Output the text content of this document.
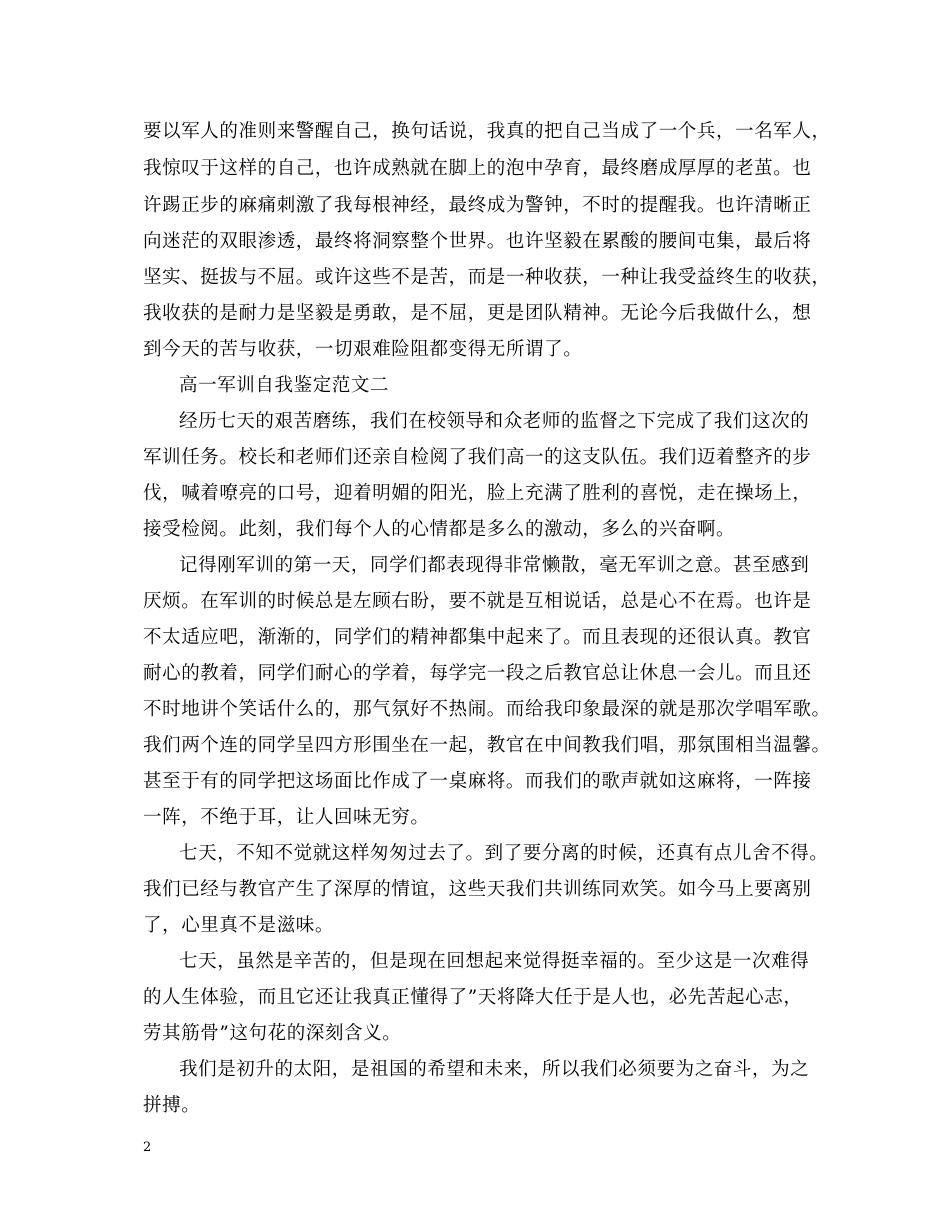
要以军人的准则来警醒自己，换句话说，我真的把自己当成了一个兵，一名军人，
我惊叹于这样的自己，也许成熟就在脚上的泡中孕育，最终磨成厚厚的老茧。也
许踢正步的麻痛刺激了我每根神经，最终成为警钟，不时的提醒我。也许清晰正
向迷茫的双眼渗透，最终将洞察整个世界。也许坚毅在累酸的腰间屯集，最后将
坚实、挺拔与不屈。或许这些不是苦，而是一种收获，一种让我受益终生的收获，
我收获的是耐力是坚毅是勇敢，是不屈，更是团队精神。无论今后我做什么，想
到今天的苦与收获，一切艰难险阻都变得无所谓了。
高一军训自我鉴定范文二
经历七天的艰苦磨练，我们在校领导和众老师的监督之下完成了我们这次的
军训任务。校长和老师们还亲自检阅了我们高一的这支队伍。我们迈着整齐的步
伐，喊着嘹亮的口号，迎着明媚的阳光，脸上充满了胜利的喜悦，走在操场上，
接受检阅。此刻，我们每个人的心情都是多么的激动，多么的兴奋啊。
记得刚军训的第一天，同学们都表现得非常懒散，毫无军训之意。甚至感到
厌烦。在军训的时候总是左顾右盼，要不就是互相说话，总是心不在焉。也许是
不太适应吧，渐渐的，同学们的精神都集中起来了。而且表现的还很认真。教官
耐心的教着，同学们耐心的学着，每学完一段之后教官总让休息一会儿。而且还
不时地讲个笑话什么的，那气氛好不热闹。而给我印象最深的就是那次学唱军歌。
我们两个连的同学呈四方形围坐在一起，教官在中间教我们唱，那氛围相当温馨。
甚至于有的同学把这场面比作成了一桌麻将。而我们的歌声就如这麻将，一阵接
一阵，不绝于耳，让人回味无穷。
七天，不知不觉就这样匆匆过去了。到了要分离的时候，还真有点儿舍不得。
我们已经与教官产生了深厚的情谊，这些天我们共训练同欢笑。如今马上要离别
了，心里真不是滋味。
七天，虽然是辛苦的，但是现在回想起来觉得挺幸福的。至少这是一次难得
的人生体验，而且它还让我真正懂得了”天将降大任于是人也，必先苦起心志，
劳其筋骨”这句花的深刻含义。
我们是初升的太阳，是祖国的希望和未来，所以我们必须要为之奋斗，为之
拼搏。
2
